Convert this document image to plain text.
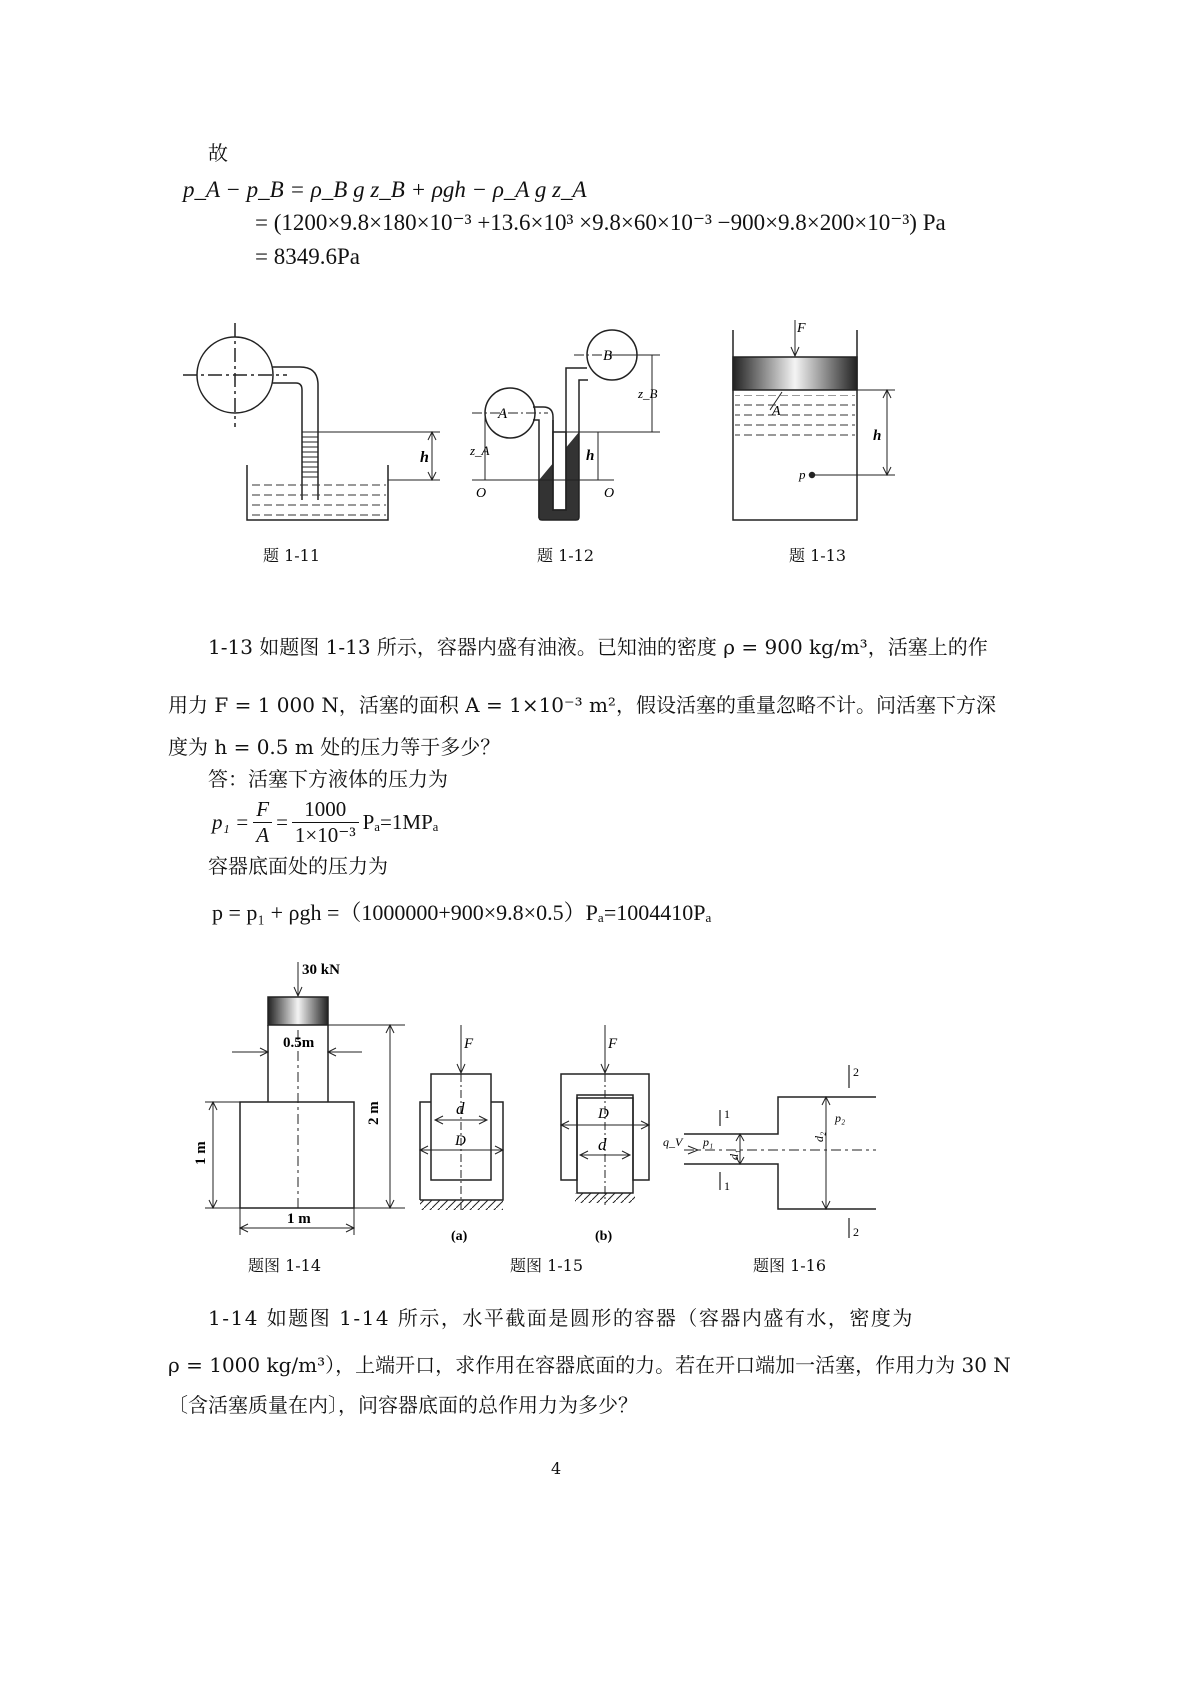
故
p_A − p_B = ρ_B g z_B + ρgh − ρ_A g z_A
= (1200×9.8×180×10⁻³ +13.6×10³ ×9.8×60×10⁻³ −900×9.8×200×10⁻³) Pa
= 8349.6Pa
h
A
B
z_A
z_B
h
O	O
F
A
h
p
30 kN
0.5m
2 m
1 m
1 m
F
d
D
(a)
F
D
d
(b)
q_V p₁
p₂
d₁
d₂
1
1
2
2
题 1-11	题 1-12	题 1-13
1-13 如题图 1-13 所示，容器内盛有油液。已知油的密度 ρ = 900 kg/m³，活塞上的作
用力 F = 1 000 N，活塞的面积 A = 1×10⁻³ m²，假设活塞的重量忽略不计。问活塞下方深
度为 h = 0.5 m 处的压力等于多少？
答：活塞下方液体的压力为
$p_1 = \frac{F}{A} = \frac{1000}{\text{1×10⁻³}} P_a=1MP_a$
容器底面处的压力为
p = p₁ + ρgh =（1000000+900×9.8×0.5）Pₐ=1004410Pₐ
题图 1-14	题图 1-15	题图 1-16
1-14 如题图 1-14 所示，水平截面是圆形的容器（容器内盛有水，密度为
ρ = 1000 kg/m³），上端开口，求作用在容器底面的力。若在开口端加一活塞，作用力为 30 N
〔含活塞质量在内〕，问容器底面的总作用力为多少？
4
